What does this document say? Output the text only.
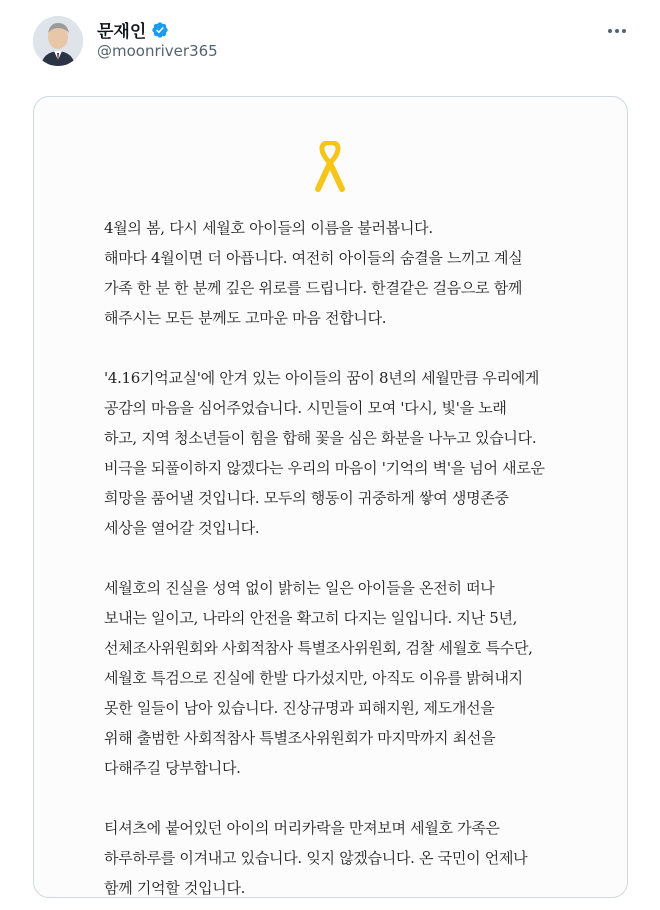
문재인
@moonriver365

4월의 봄, 다시 세월호 아이들의 이름을 불러봅니다.
해마다 4월이면 더 아픕니다. 여전히 아이들의 숨결을 느끼고 계실
가족 한 분 한 분께 깊은 위로를 드립니다. 한결같은 걸음으로 함께
해주시는 모든 분께도 고마운 마음 전합니다.

'4.16기억교실'에 안겨 있는 아이들의 꿈이 8년의 세월만큼 우리에게
공감의 마음을 심어주었습니다. 시민들이 모여 '다시, 빛'을 노래
하고, 지역 청소년들이 힘을 합해 꽃을 심은 화분을 나누고 있습니다.
비극을 되풀이하지 않겠다는 우리의 마음이 '기억의 벽'을 넘어 새로운
희망을 품어낼 것입니다. 모두의 행동이 귀중하게 쌓여 생명존중
세상을 열어갈 것입니다.

세월호의 진실을 성역 없이 밝히는 일은 아이들을 온전히 떠나
보내는 일이고, 나라의 안전을 확고히 다지는 일입니다. 지난 5년,
선체조사위원회와 사회적참사 특별조사위원회, 검찰 세월호 특수단,
세월호 특검으로 진실에 한발 다가섰지만, 아직도 이유를 밝혀내지
못한 일들이 남아 있습니다. 진상규명과 피해지원, 제도개선을
위해 출범한 사회적참사 특별조사위원회가 마지막까지 최선을
다해주길 당부합니다.

티셔츠에 붙어있던 아이의 머리카락을 만져보며 세월호 가족은
하루하루를 이겨내고 있습니다. 잊지 않겠습니다. 온 국민이 언제나
함께 기억할 것입니다.
